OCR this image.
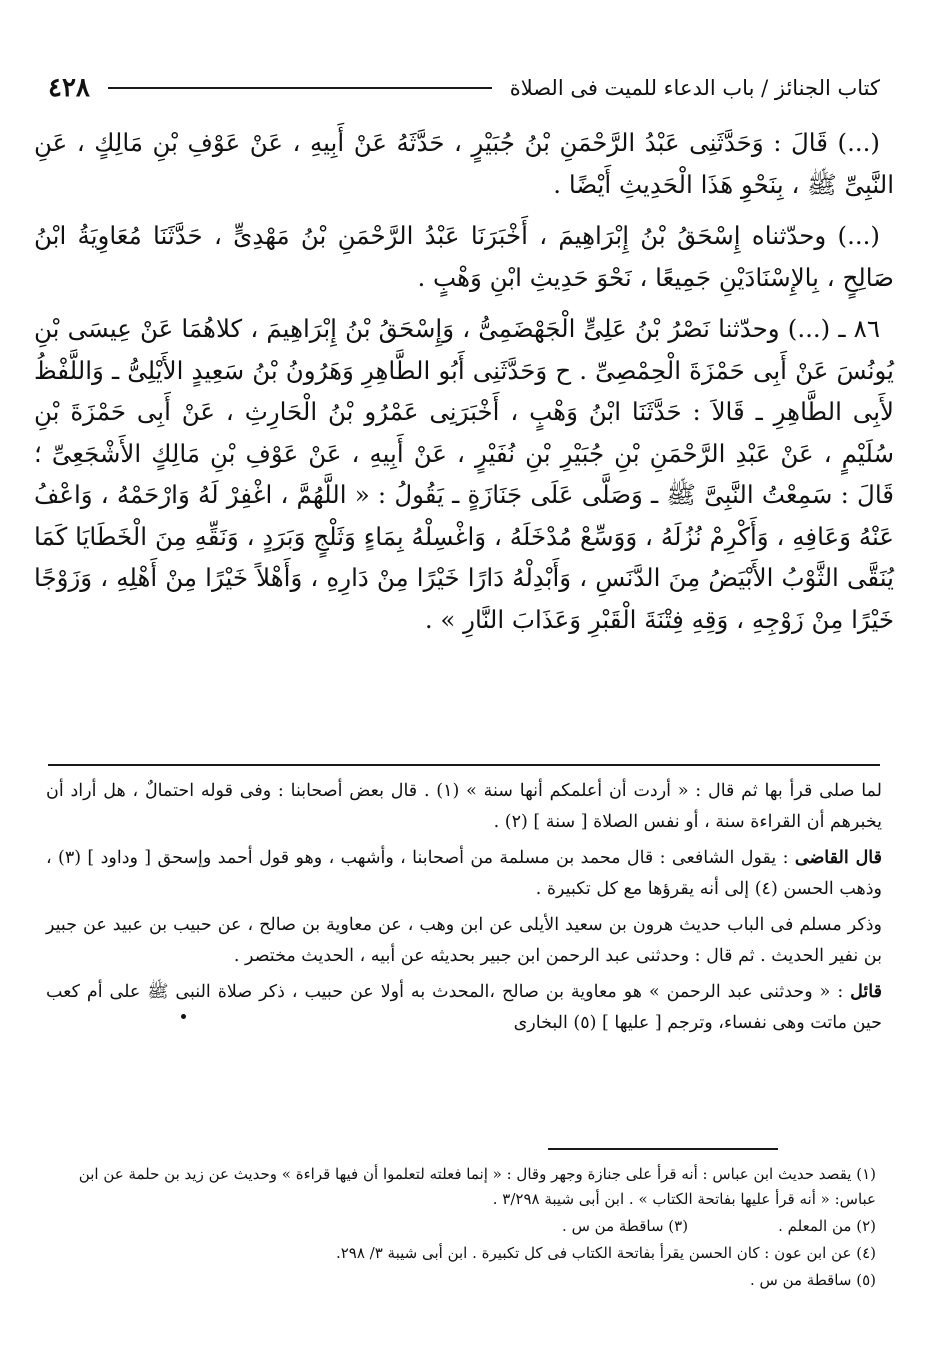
كتاب الجنائز / باب الدعاء للميت فى الصلاة
٤٢٨

(...) قَالَ : وَحَدَّثَنِى عَبْدُ الرَّحْمَنِ بْنُ جُبَيْرٍ ، حَدَّثَهُ عَنْ أَبِيهِ ، عَنْ عَوْفِ بْنِ مَالِكٍ ، عَنِ النَّبِىِّ ﷺ ، بِنَحْوِ هَذَا الْحَدِيثِ أَيْضًا .

(...) وحدّثناه إِسْحَقُ بْنُ إِبْرَاهِيمَ ، أَخْبَرَنَا عَبْدُ الرَّحْمَنِ بْنُ مَهْدِىٍّ ، حَدَّثَنَا مُعَاوِيَةُ ابْنُ صَالِحٍ ، بِالإِسْنَادَيْنِ جَمِيعًا ، نَحْوَ حَدِيثِ ابْنِ وَهْبٍ .

٨٦ ـ (...) وحدّثنا نَصْرُ بْنُ عَلِىٍّ الْجَهْضَمِىُّ ، وَإِسْحَقُ بْنُ إِبْرَاهِيمَ ، كلاهُمَا عَنْ عِيسَى بْنِ يُونُسَ عَنْ أَبِى حَمْزَةَ الْحِمْصِىِّ . ح وَحَدَّثَنِى أَبُو الطَّاهِرِ وَهَرُونُ بْنُ سَعِيدٍ الأَيْلِىُّ ـ وَاللَّفْظُ لأَبِى الطَّاهِرِ ـ قَالاَ : حَدَّثَنَا ابْنُ وَهْبٍ ، أَخْبَرَنِى عَمْرُو بْنُ الْحَارِثِ ، عَنْ أَبِى حَمْزَةَ بْنِ سُلَيْمٍ ، عَنْ عَبْدِ الرَّحْمَنِ بْنِ جُبَيْرِ بْنِ نُفَيْرٍ ، عَنْ أَبِيهِ ، عَنْ عَوْفِ بْنِ مَالِكٍ الأَشْجَعِىِّ ؛ قَالَ : سَمِعْتُ النَّبِىَّ ﷺ ـ وَصَلَّى عَلَى جَنَازَةٍ ـ يَقُولُ : « اللَّهُمَّ ، اغْفِرْ لَهُ وَارْحَمْهُ ، وَاعْفُ عَنْهُ وَعَافِهِ ، وَأَكْرِمْ نُزُلَهُ ، وَوَسِّعْ مُدْخَلَهُ ، وَاغْسِلْهُ بِمَاءٍ وَثَلْجٍ وَبَرَدٍ ، وَنَقِّهِ مِنَ الْخَطَايَا كَمَا يُنَقَّى الثَّوْبُ الأَبْيَضُ مِنَ الدَّنَسِ ، وَأَبْدِلْهُ دَارًا خَيْرًا مِنْ دَارِهِ ، وَأَهْلاً خَيْرًا مِنْ أَهْلِهِ ، وَزَوْجًا خَيْرًا مِنْ زَوْجِهِ ، وَقِهِ فِتْنَةَ الْقَبْرِ وَعَذَابَ النَّارِ » .

لما صلى قرأ بها ثم قال : « أردت أن أعلمكم أنها سنة » (١) . قال بعض أصحابنا : وفى قوله احتمالٌ ، هل أراد أن يخبرهم أن القراءة سنة ، أو نفس الصلاة [ سنة ] (٢) .

قال القاضى : يقول الشافعى : قال محمد بن مسلمة من أصحابنا ، وأشهب ، وهو قول أحمد وإسحق [ وداود ] (٣) ، وذهب الحسن (٤) إلى أنه يقرؤها مع كل تكبيرة .

وذكر مسلم فى الباب حديث هرون بن سعيد الأيلى عن ابن وهب ، عن معاوية بن صالح ، عن حبيب بن عبيد عن جبير بن نفير الحديث . ثم قال : وحدثنى عبد الرحمن ابن جبير بحديثه عن أبيه ، الحديث مختصر .

قائل : « وحدثنى عبد الرحمن » هو معاوية بن صالح ،المحدث به أولا عن حبيب ، ذكر صلاة النبى ﷺ على أم كعب حين ماتت وهى نفساء، وترجم [ عليها ] (٥) البخارى

(١) يقصد حديث ابن عباس : أنه قرأ على جنازة وجهر وقال : « إنما فعلته لتعلموا أن فيها قراءة » وحديث عن زيد بن حلمة عن ابن عباس: « أنه قرأ عليها بفاتحة الكتاب » . ابن أبى شيبة ٣/٢٩٨ .

(٢) من المعلم .
(٣) ساقطة من س .

(٤) عن ابن عون : كان الحسن يقرأ بفاتحة الكتاب فى كل تكبيرة . ابن أبى شيبة ٣/ ٢٩٨.

(٥) ساقطة من س .
